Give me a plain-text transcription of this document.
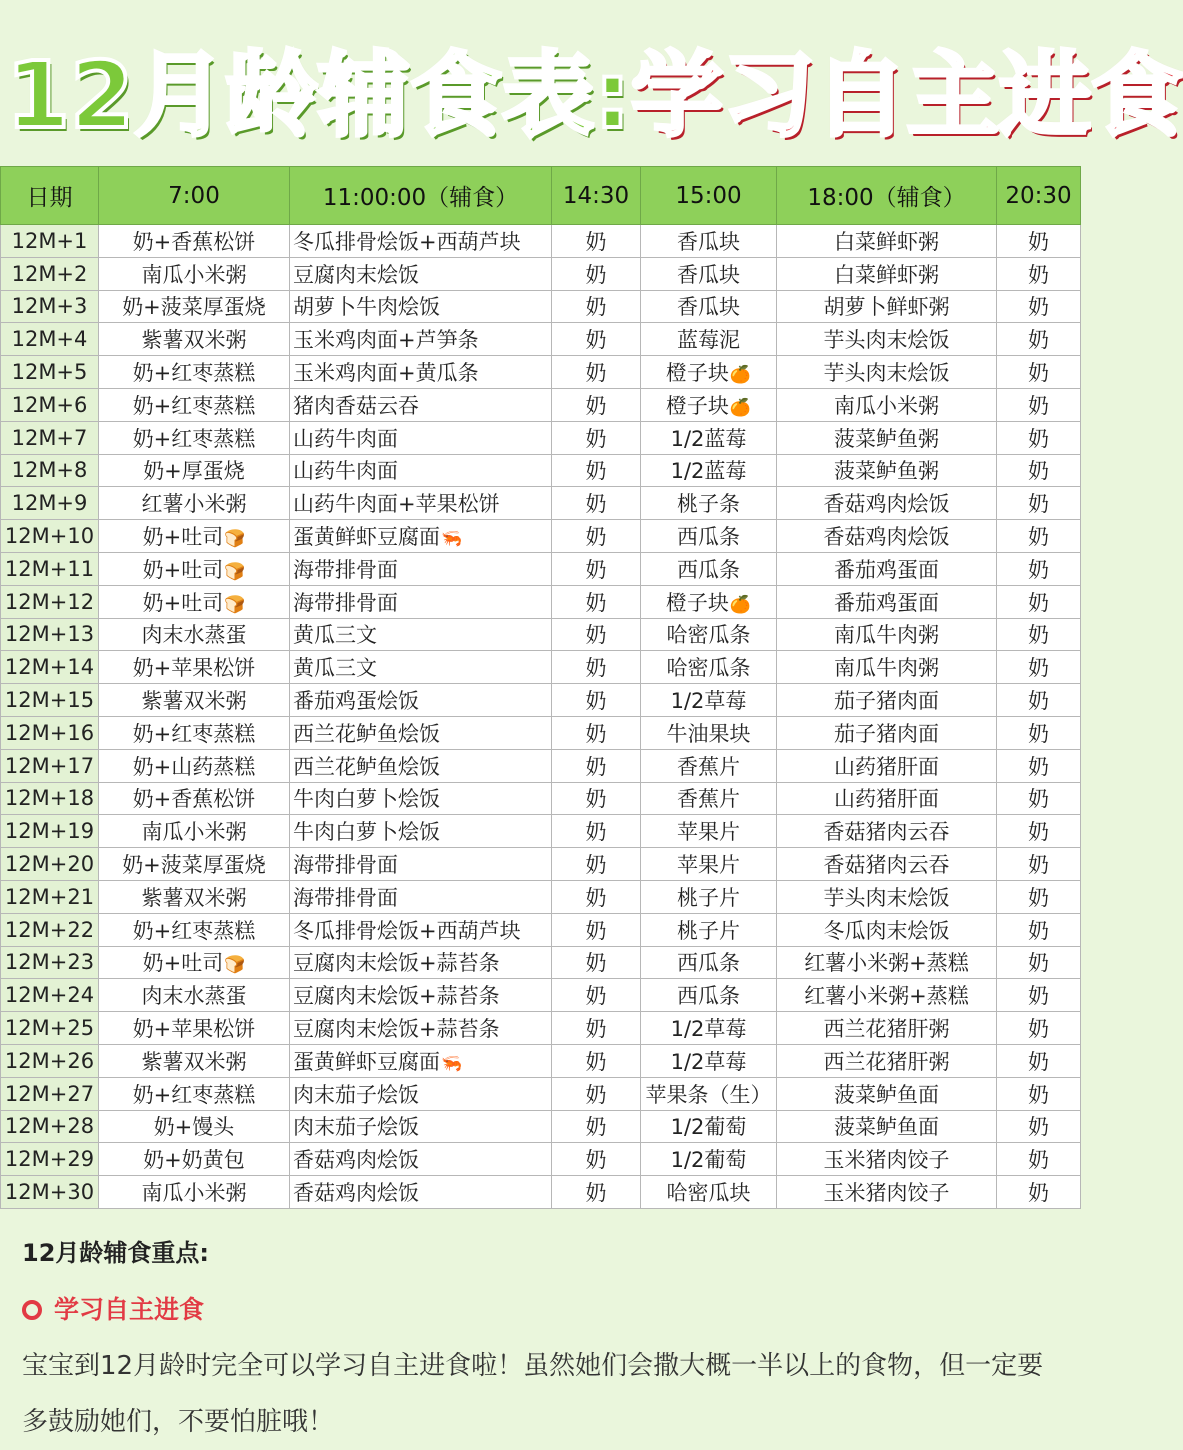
12月龄辅食表:学习自主进食
日期	7:00	11:00:00（辅食）	14:30	15:00	18:00（辅食）	20:30
12M+1	奶+香蕉松饼	冬瓜排骨烩饭+西葫芦块	奶	香瓜块	白菜鲜虾粥	奶
12M+2	南瓜小米粥	豆腐肉末烩饭	奶	香瓜块	白菜鲜虾粥	奶
12M+3	奶+菠菜厚蛋烧	胡萝卜牛肉烩饭	奶	香瓜块	胡萝卜鲜虾粥	奶
12M+4	紫薯双米粥	玉米鸡肉面+芦笋条	奶	蓝莓泥	芋头肉末烩饭	奶
12M+5	奶+红枣蒸糕	玉米鸡肉面+黄瓜条	奶	橙子块🍊	芋头肉末烩饭	奶
12M+6	奶+红枣蒸糕	猪肉香菇云吞	奶	橙子块🍊	南瓜小米粥	奶
12M+7	奶+红枣蒸糕	山药牛肉面	奶	1/2蓝莓	菠菜鲈鱼粥	奶
12M+8	奶+厚蛋烧	山药牛肉面	奶	1/2蓝莓	菠菜鲈鱼粥	奶
12M+9	红薯小米粥	山药牛肉面+苹果松饼	奶	桃子条	香菇鸡肉烩饭	奶
12M+10	奶+吐司🍞	蛋黄鲜虾豆腐面🦐	奶	西瓜条	香菇鸡肉烩饭	奶
12M+11	奶+吐司🍞	海带排骨面	奶	西瓜条	番茄鸡蛋面	奶
12M+12	奶+吐司🍞	海带排骨面	奶	橙子块🍊	番茄鸡蛋面	奶
12M+13	肉末水蒸蛋	黄瓜三文	奶	哈密瓜条	南瓜牛肉粥	奶
12M+14	奶+苹果松饼	黄瓜三文	奶	哈密瓜条	南瓜牛肉粥	奶
12M+15	紫薯双米粥	番茄鸡蛋烩饭	奶	1/2草莓	茄子猪肉面	奶
12M+16	奶+红枣蒸糕	西兰花鲈鱼烩饭	奶	牛油果块	茄子猪肉面	奶
12M+17	奶+山药蒸糕	西兰花鲈鱼烩饭	奶	香蕉片	山药猪肝面	奶
12M+18	奶+香蕉松饼	牛肉白萝卜烩饭	奶	香蕉片	山药猪肝面	奶
12M+19	南瓜小米粥	牛肉白萝卜烩饭	奶	苹果片	香菇猪肉云吞	奶
12M+20	奶+菠菜厚蛋烧	海带排骨面	奶	苹果片	香菇猪肉云吞	奶
12M+21	紫薯双米粥	海带排骨面	奶	桃子片	芋头肉末烩饭	奶
12M+22	奶+红枣蒸糕	冬瓜排骨烩饭+西葫芦块	奶	桃子片	冬瓜肉末烩饭	奶
12M+23	奶+吐司🍞	豆腐肉末烩饭+蒜苔条	奶	西瓜条	红薯小米粥+蒸糕	奶
12M+24	肉末水蒸蛋	豆腐肉末烩饭+蒜苔条	奶	西瓜条	红薯小米粥+蒸糕	奶
12M+25	奶+苹果松饼	豆腐肉末烩饭+蒜苔条	奶	1/2草莓	西兰花猪肝粥	奶
12M+26	紫薯双米粥	蛋黄鲜虾豆腐面🦐	奶	1/2草莓	西兰花猪肝粥	奶
12M+27	奶+红枣蒸糕	肉末茄子烩饭	奶	苹果条（生）	菠菜鲈鱼面	奶
12M+28	奶+馒头	肉末茄子烩饭	奶	1/2葡萄	菠菜鲈鱼面	奶
12M+29	奶+奶黄包	香菇鸡肉烩饭	奶	1/2葡萄	玉米猪肉饺子	奶
12M+30	南瓜小米粥	香菇鸡肉烩饭	奶	哈密瓜块	玉米猪肉饺子	奶
12月龄辅食重点:
学习自主进食

宝宝到12月龄时完全可以学习自主进食啦！虽然她们会撒大概一半以上的食物，但一定要多鼓励她们，不要怕脏哦！
